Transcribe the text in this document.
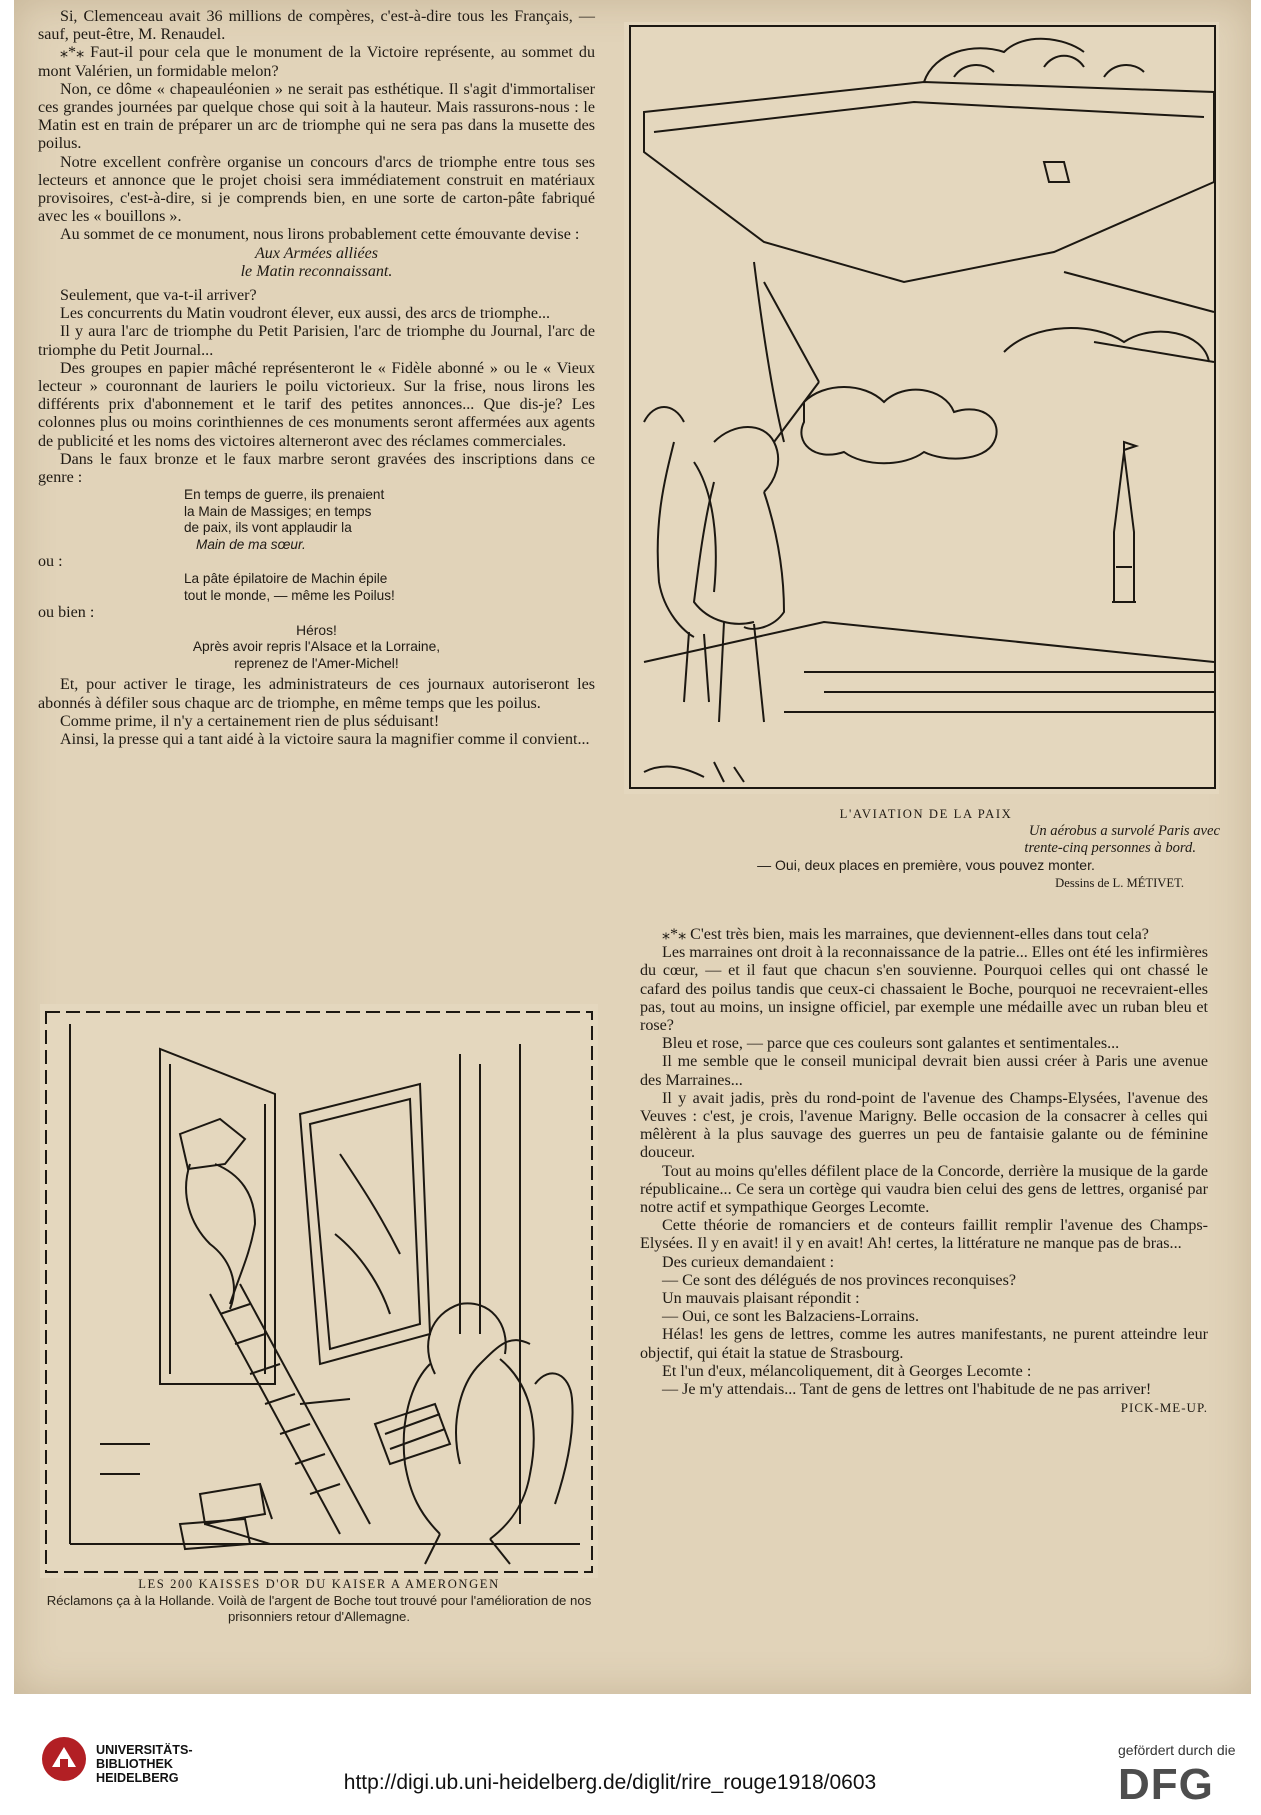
Si, Clemenceau avait 36 millions de compères, c'est-à-dire tous les Français, — sauf, peut-être, M. Renaudel.

⁎*⁎ Faut-il pour cela que le monument de la Victoire représente, au sommet du mont Valérien, un formidable melon?

Non, ce dôme « chapeauléonien » ne serait pas esthétique. Il s'agit d'immortaliser ces grandes journées par quelque chose qui soit à la hauteur. Mais rassurons-nous : le Matin est en train de préparer un arc de triomphe qui ne sera pas dans la musette des poilus.

Notre excellent confrère organise un concours d'arcs de triomphe entre tous ses lecteurs et annonce que le projet choisi sera immédiatement construit en matériaux provisoires, c'est-à-dire, si je comprends bien, en une sorte de carton-pâte fabriqué avec les « bouillons ».

Au sommet de ce monument, nous lirons probablement cette émouvante devise :

Aux Armées alliées

le Matin reconnaissant.

Seulement, que va-t-il arriver?

Les concurrents du Matin voudront élever, eux aussi, des arcs de triomphe...

Il y aura l'arc de triomphe du Petit Parisien, l'arc de triomphe du Journal, l'arc de triomphe du Petit Journal...

Des groupes en papier mâché représenteront le « Fidèle abonné » ou le « Vieux lecteur » couronnant de lauriers le poilu victorieux. Sur la frise, nous lirons les différents prix d'abonnement et le tarif des petites annonces... Que dis-je? Les colonnes plus ou moins corinthiennes de ces monuments seront affermées aux agents de publicité et les noms des victoires alterneront avec des réclames commerciales.

Dans le faux bronze et le faux marbre seront gravées des inscriptions dans ce genre :

En temps de guerre, ils prenaient

la Main de Massiges; en temps

de paix, ils vont applaudir la

Main de ma sœur.

ou :

La pâte épilatoire de Machin épile

tout le monde, — même les Poilus!

ou bien :

Héros!

Après avoir repris l'Alsace et la Lorraine,

reprenez de l'Amer-Michel!

Et, pour activer le tirage, les administrateurs de ces journaux autoriseront les abonnés à défiler sous chaque arc de triomphe, en même temps que les poilus.

Comme prime, il n'y a certainement rien de plus séduisant!

Ainsi, la presse qui a tant aidé à la victoire saura la magnifier comme il convient...

LES 200 KAISSES D'OR DU KAISER A AMERONGEN

Réclamons ça à la Hollande. Voilà de l'argent de Boche tout trouvé pour l'amélioration de nos prisonniers retour d'Allemagne.

L'AVIATION DE LA PAIX

Un aérobus a survolé Paris avec

trente-cinq personnes à bord.

— Oui, deux places en première, vous pouvez monter.

Dessins de L. MÉTIVET.

⁎*⁎ C'est très bien, mais les marraines, que deviennent-elles dans tout cela?

Les marraines ont droit à la reconnaissance de la patrie... Elles ont été les infirmières du cœur, — et il faut que chacun s'en souvienne. Pourquoi celles qui ont chassé le cafard des poilus tandis que ceux-ci chassaient le Boche, pourquoi ne recevraient-elles pas, tout au moins, un insigne officiel, par exemple une médaille avec un ruban bleu et rose?

Bleu et rose, — parce que ces couleurs sont galantes et sentimentales...

Il me semble que le conseil municipal devrait bien aussi créer à Paris une avenue des Marraines...

Il y avait jadis, près du rond-point de l'avenue des Champs-Elysées, l'avenue des Veuves : c'est, je crois, l'avenue Marigny. Belle occasion de la consacrer à celles qui mêlèrent à la plus sauvage des guerres un peu de fantaisie galante ou de féminine douceur.

Tout au moins qu'elles défilent place de la Concorde, derrière la musique de la garde républicaine... Ce sera un cortège qui vaudra bien celui des gens de lettres, organisé par notre actif et sympathique Georges Lecomte.

Cette théorie de romanciers et de conteurs faillit remplir l'avenue des Champs-Elysées. Il y en avait! il y en avait! Ah! certes, la littérature ne manque pas de bras...

Des curieux demandaient :

— Ce sont des délégués de nos provinces reconquises?

Un mauvais plaisant répondit :

— Oui, ce sont les Balzaciens-Lorrains.

Hélas! les gens de lettres, comme les autres manifestants, ne purent atteindre leur objectif, qui était la statue de Strasbourg.

Et l'un d'eux, mélancoliquement, dit à Georges Lecomte :

— Je m'y attendais... Tant de gens de lettres ont l'habitude de ne pas arriver!

PICK-ME-UP.

UNIVERSITÄTS-
BIBLIOTHEK
HEIDELBERG	http://digi.ub.uni-heidelberg.de/diglit/rire_rouge1918/0603
gefördert durch die
DFG
